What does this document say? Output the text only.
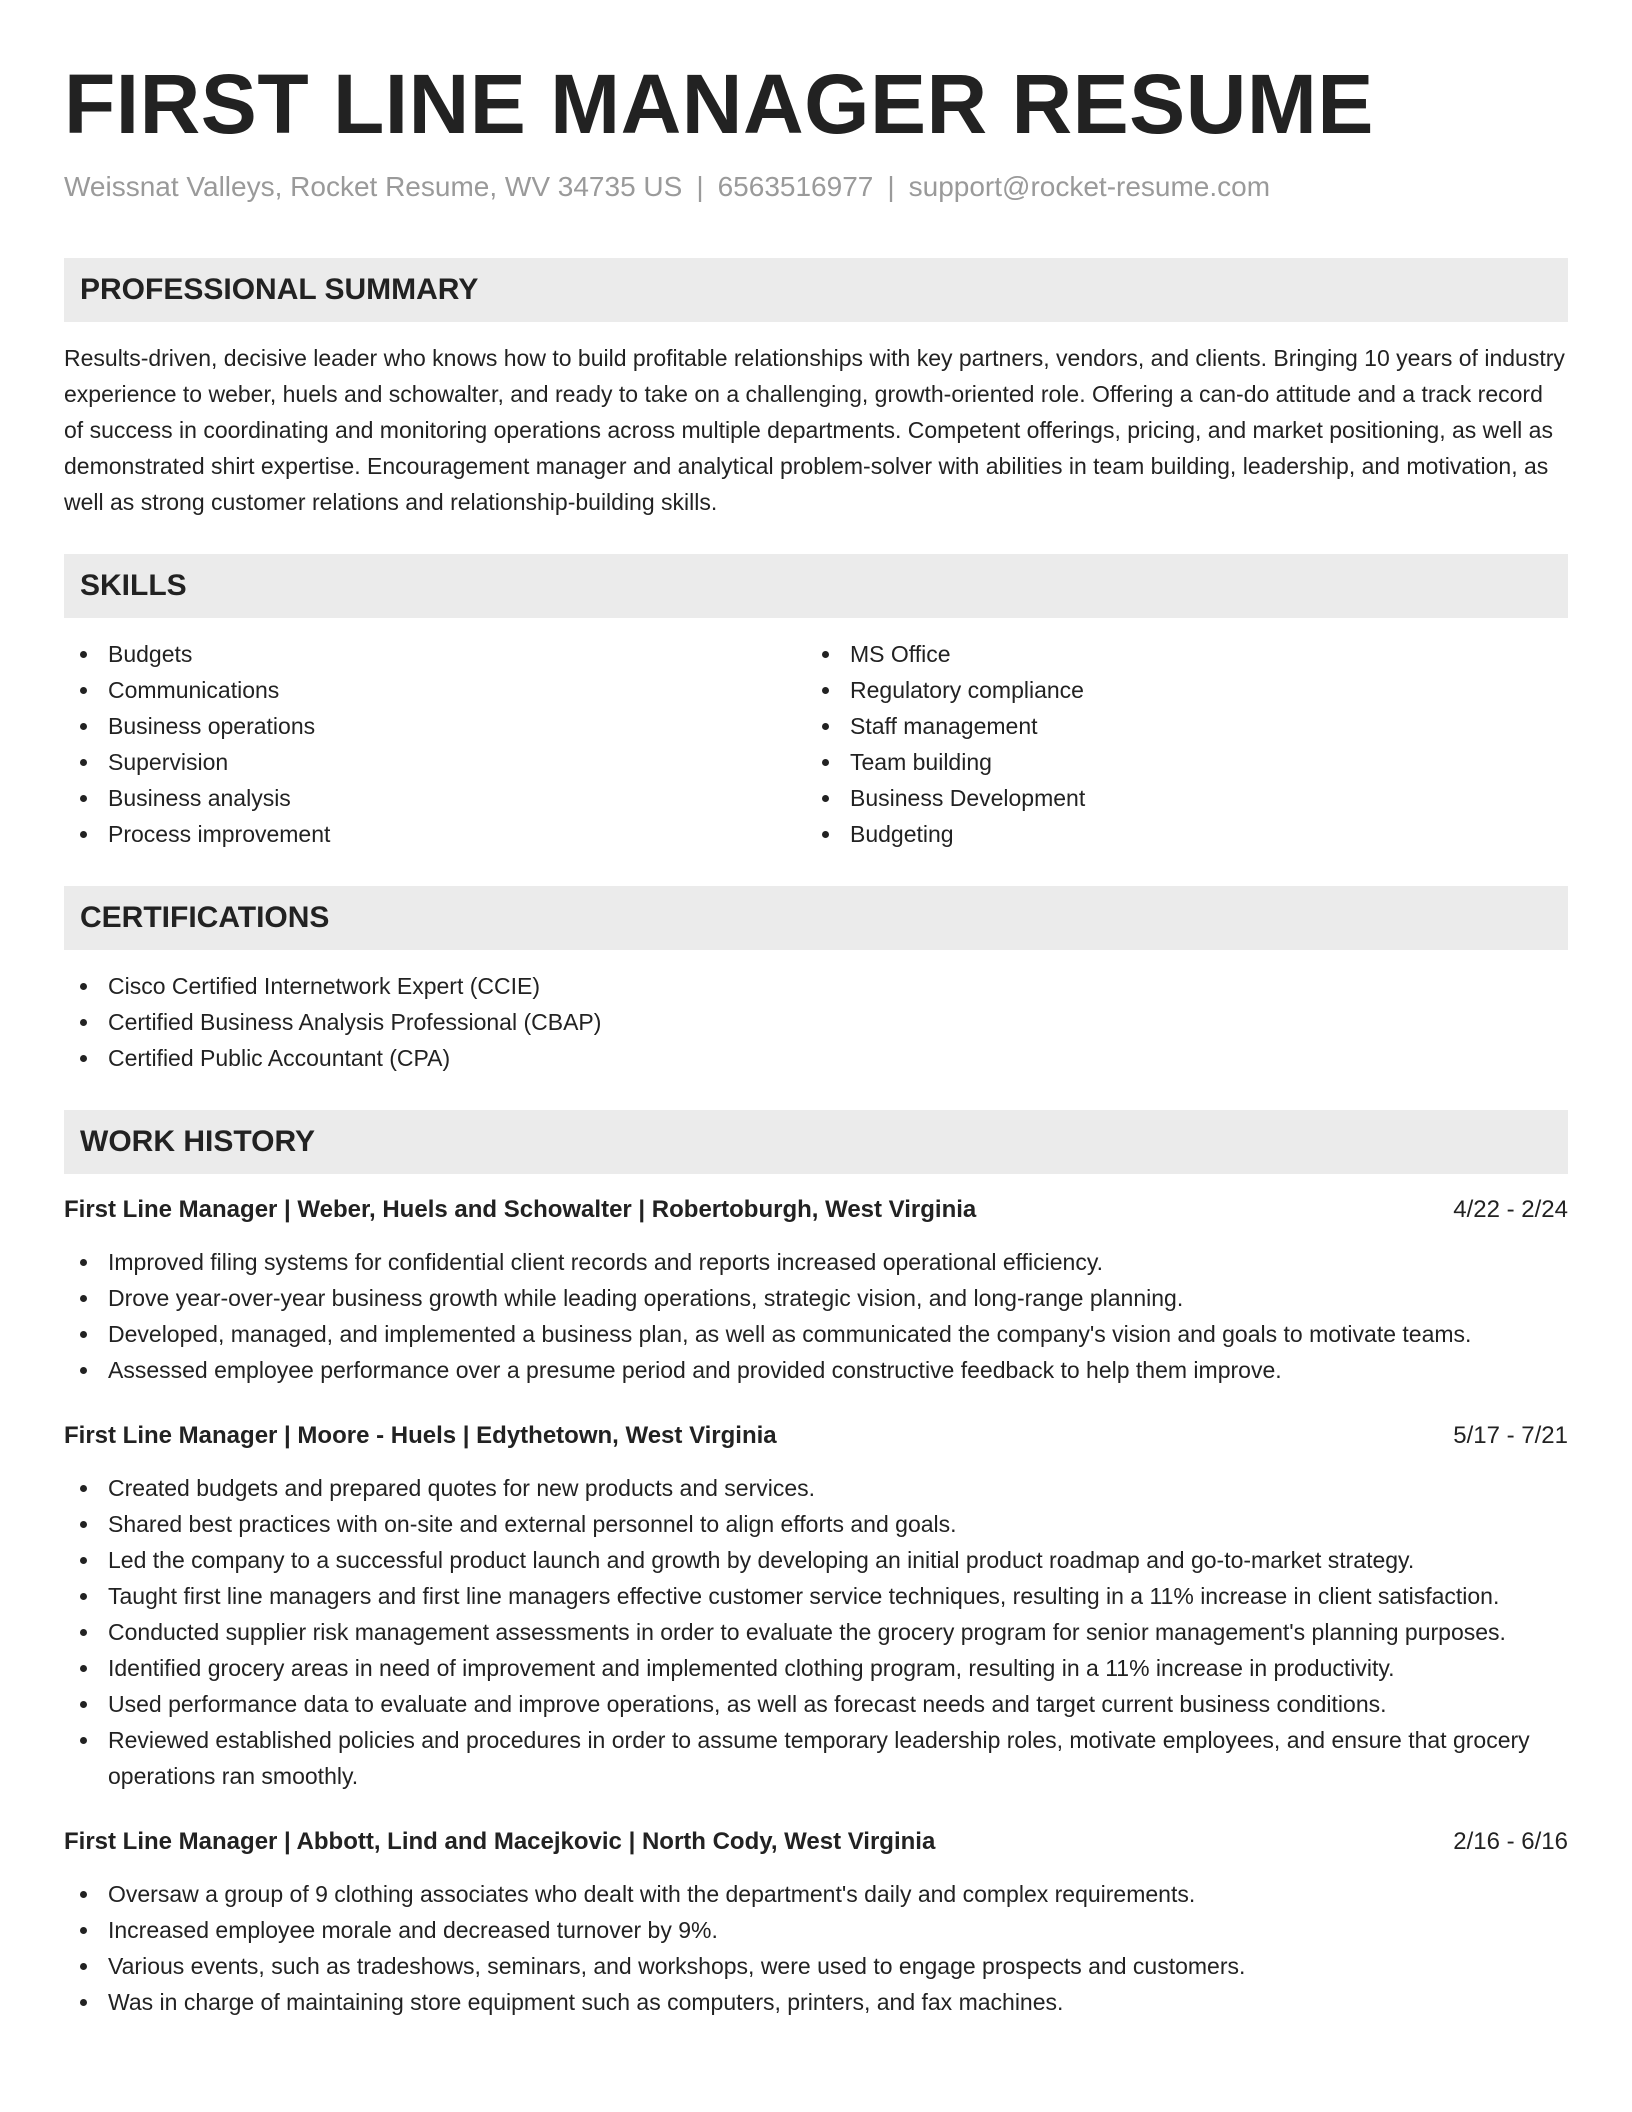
FIRST LINE MANAGER RESUME
Weissnat Valleys, Rocket Resume, WV 34735 US | 6563516977 | support@rocket-resume.com
PROFESSIONAL SUMMARY

Results-driven, decisive leader who knows how to build profitable relationships with key partners, vendors, and clients. Bringing 10 years of industry experience to weber, huels and schowalter, and ready to take on a challenging, growth-oriented role. Offering a can-do attitude and a track record of success in coordinating and monitoring operations across multiple departments. Competent offerings, pricing, and market positioning, as well as demonstrated shirt expertise. Encouragement manager and analytical problem-solver with abilities in team building, leadership, and motivation, as well as strong customer relations and relationship-building skills.

SKILLS
Budgets
Communications
Business operations
Supervision
Business analysis
Process improvement
MS Office
Regulatory compliance
Staff management
Team building
Business Development
Budgeting
CERTIFICATIONS
Cisco Certified Internetwork Expert (CCIE)
Certified Business Analysis Professional (CBAP)
Certified Public Accountant (CPA)
WORK HISTORY
First Line Manager | Weber, Huels and Schowalter | Robertoburgh, West Virginia	4/22 - 2/24
Improved filing systems for confidential client records and reports increased operational efficiency.
Drove year-over-year business growth while leading operations, strategic vision, and long-range planning.
Developed, managed, and implemented a business plan, as well as communicated the company's vision and goals to motivate teams.
Assessed employee performance over a presume period and provided constructive feedback to help them improve.
First Line Manager | Moore - Huels | Edythetown, West Virginia	5/17 - 7/21
Created budgets and prepared quotes for new products and services.
Shared best practices with on-site and external personnel to align efforts and goals.
Led the company to a successful product launch and growth by developing an initial product roadmap and go-to-market strategy.
Taught first line managers and first line managers effective customer service techniques, resulting in a 11% increase in client satisfaction.
Conducted supplier risk management assessments in order to evaluate the grocery program for senior management's planning purposes.
Identified grocery areas in need of improvement and implemented clothing program, resulting in a 11% increase in productivity.
Used performance data to evaluate and improve operations, as well as forecast needs and target current business conditions.
Reviewed established policies and procedures in order to assume temporary leadership roles, motivate employees, and ensure that grocery operations ran smoothly.
First Line Manager | Abbott, Lind and Macejkovic | North Cody, West Virginia	2/16 - 6/16
Oversaw a group of 9 clothing associates who dealt with the department's daily and complex requirements.
Increased employee morale and decreased turnover by 9%.
Various events, such as tradeshows, seminars, and workshops, were used to engage prospects and customers.
Was in charge of maintaining store equipment such as computers, printers, and fax machines.
